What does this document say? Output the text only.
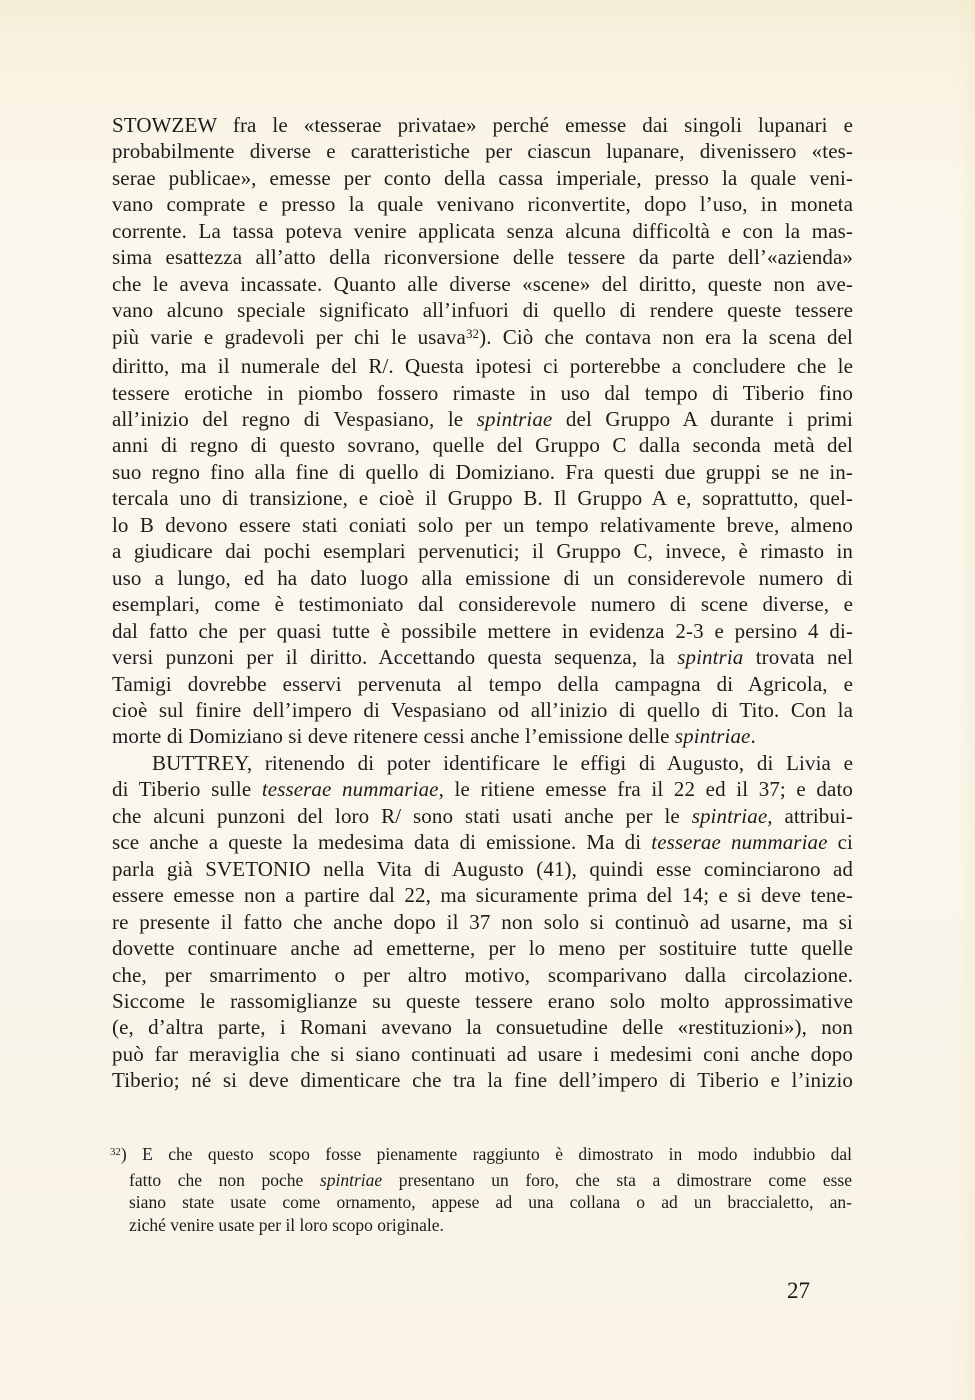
STOWZEW fra le «tesserae privatae» perché emesse dai singoli lupanari e
probabilmente diverse e caratteristiche per ciascun lupanare, divenissero «tes-
serae publicae», emesse per conto della cassa imperiale, presso la quale veni-
vano comprate e presso la quale venivano riconvertite, dopo l’uso, in moneta
corrente. La tassa poteva venire applicata senza alcuna difficoltà e con la mas-
sima esattezza all’atto della riconversione delle tessere da parte dell’«azienda»
che le aveva incassate. Quanto alle diverse «scene» del diritto, queste non ave-
vano alcuno speciale significato all’infuori di quello di rendere queste tessere
più varie e gradevoli per chi le usava$^{32}$). Ciò che contava non era la scena del
diritto, ma il numerale del R/. Questa ipotesi ci porterebbe a concludere che le
tessere erotiche in piombo fossero rimaste in uso dal tempo di Tiberio fino
all’inizio del regno di Vespasiano, le spintriae del Gruppo A durante i primi
anni di regno di questo sovrano, quelle del Gruppo C dalla seconda metà del
suo regno fino alla fine di quello di Domiziano. Fra questi due gruppi se ne in-
tercala uno di transizione, e cioè il Gruppo B. Il Gruppo A e, soprattutto, quel-
lo B devono essere stati coniati solo per un tempo relativamente breve, almeno
a giudicare dai pochi esemplari pervenutici; il Gruppo C, invece, è rimasto in
uso a lungo, ed ha dato luogo alla emissione di un considerevole numero di
esemplari, come è testimoniato dal considerevole numero di scene diverse, e
dal fatto che per quasi tutte è possibile mettere in evidenza 2-3 e persino 4 di-
versi punzoni per il diritto. Accettando questa sequenza, la spintria trovata nel
Tamigi dovrebbe esservi pervenuta al tempo della campagna di Agricola, e
cioè sul finire dell’impero di Vespasiano od all’inizio di quello di Tito. Con la
morte di Domiziano si deve ritenere cessi anche l’emissione delle spintriae.
BUTTREY, ritenendo di poter identificare le effigi di Augusto, di Livia e
di Tiberio sulle tesserae nummariae, le ritiene emesse fra il 22 ed il 37; e dato
che alcuni punzoni del loro R/ sono stati usati anche per le spintriae, attribui-
sce anche a queste la medesima data di emissione. Ma di tesserae nummariae ci
parla già SVETONIO nella Vita di Augusto (41), quindi esse cominciarono ad
essere emesse non a partire dal 22, ma sicuramente prima del 14; e si deve tene-
re presente il fatto che anche dopo il 37 non solo si continuò ad usarne, ma si
dovette continuare anche ad emetterne, per lo meno per sostituire tutte quelle
che, per smarrimento o per altro motivo, scomparivano dalla circolazione.
Siccome le rassomiglianze su queste tessere erano solo molto approssimative
(e, d’altra parte, i Romani avevano la consuetudine delle «restituzioni»), non
può far meraviglia che si siano continuati ad usare i medesimi coni anche dopo
Tiberio; né si deve dimenticare che tra la fine dell’impero di Tiberio e l’inizio
$^{32}$) E che questo scopo fosse pienamente raggiunto è dimostrato in modo indubbio dal
fatto che non poche spintriae presentano un foro, che sta a dimostrare come esse
siano state usate come ornamento, appese ad una collana o ad un braccialetto, an-
ziché venire usate per il loro scopo originale.
27
